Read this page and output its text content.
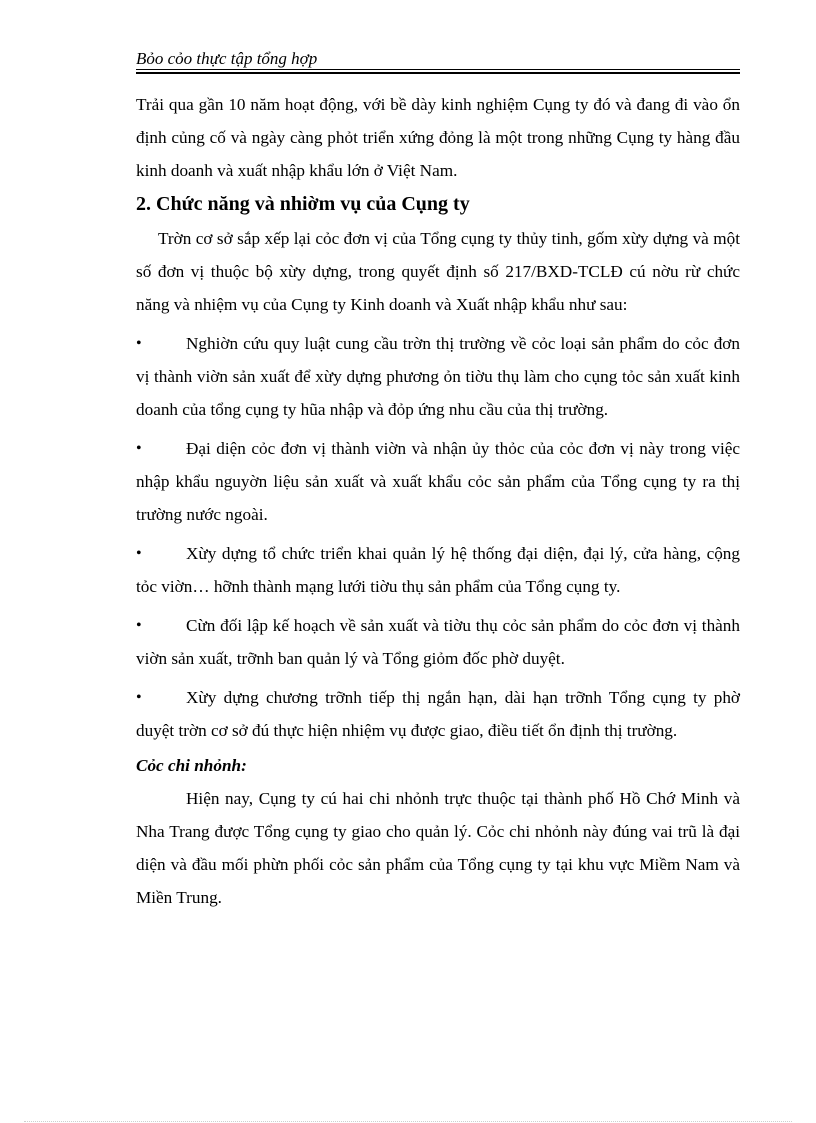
Bỏo cỏo thực tập tổng hợp

Trải qua gần 10 năm hoạt động, với bề dày kinh nghiệm Cụng ty đó và đang đi vào ổn định củng cố và ngày càng phỏt triển xứng đỏng là một trong những Cụng ty hàng đầu kinh doanh và xuất nhập khẩu lớn ở Việt Nam.

2. Chức năng và nhiờm vụ của Cụng ty

Trờn cơ sở sắp xếp lại cỏc đơn vị của Tổng cụng ty thủy tinh, gốm xừy dựng và một số đơn vị thuộc bộ xừy dựng, trong quyết định số 217/BXD-TCLĐ cú nờu rừ chức năng và nhiệm vụ của Cụng ty Kinh doanh và Xuất nhập khẩu như sau:

•	Nghiờn cứu quy luật cung cầu trờn thị trường về cỏc loại sản phẩm do cỏc đơn vị thành viờn sản xuất để xừy dựng phương ỏn tiờu thụ làm cho cụng tỏc sản xuất kinh doanh của tổng cụng ty hũa nhập và đỏp ứng nhu cầu của thị trường.

•	Đại diện cỏc đơn vị thành viờn và nhận ủy thỏc của cỏc đơn vị này trong việc nhập khẩu nguyờn liệu sản xuất và xuất khẩu cỏc sản phẩm của Tổng cụng ty ra thị trường nước ngoài.

•	Xừy dựng tổ chức triển khai quản lý hệ thống đại diện, đại lý, cửa hàng, cộng tỏc viờn… hỡnh thành mạng lưới tiờu thụ sản phẩm của Tổng cụng ty.

•	Cừn đối lập kế hoạch về sản xuất và tiờu thụ cỏc sản phẩm do cỏc đơn vị thành viờn sản xuất, trỡnh ban quản lý và Tổng giỏm đốc phờ duyệt.

•	Xừy dựng chương trỡnh tiếp thị ngắn hạn, dài hạn trỡnh Tổng cụng ty phờ duyệt trờn cơ sở đú thực hiện nhiệm vụ được giao, điều tiết ổn định thị trường.

Cỏc chi nhỏnh:

Hiện nay, Cụng ty cú hai chi nhỏnh trực thuộc tại thành phố Hồ Chớ Minh và Nha Trang được Tổng cụng ty giao cho quản lý. Cỏc chi nhỏnh này đúng vai trũ là đại diện và đầu mối phừn phối cỏc sản phẩm của Tổng cụng ty tại khu vực Miềm Nam và Miền Trung.
